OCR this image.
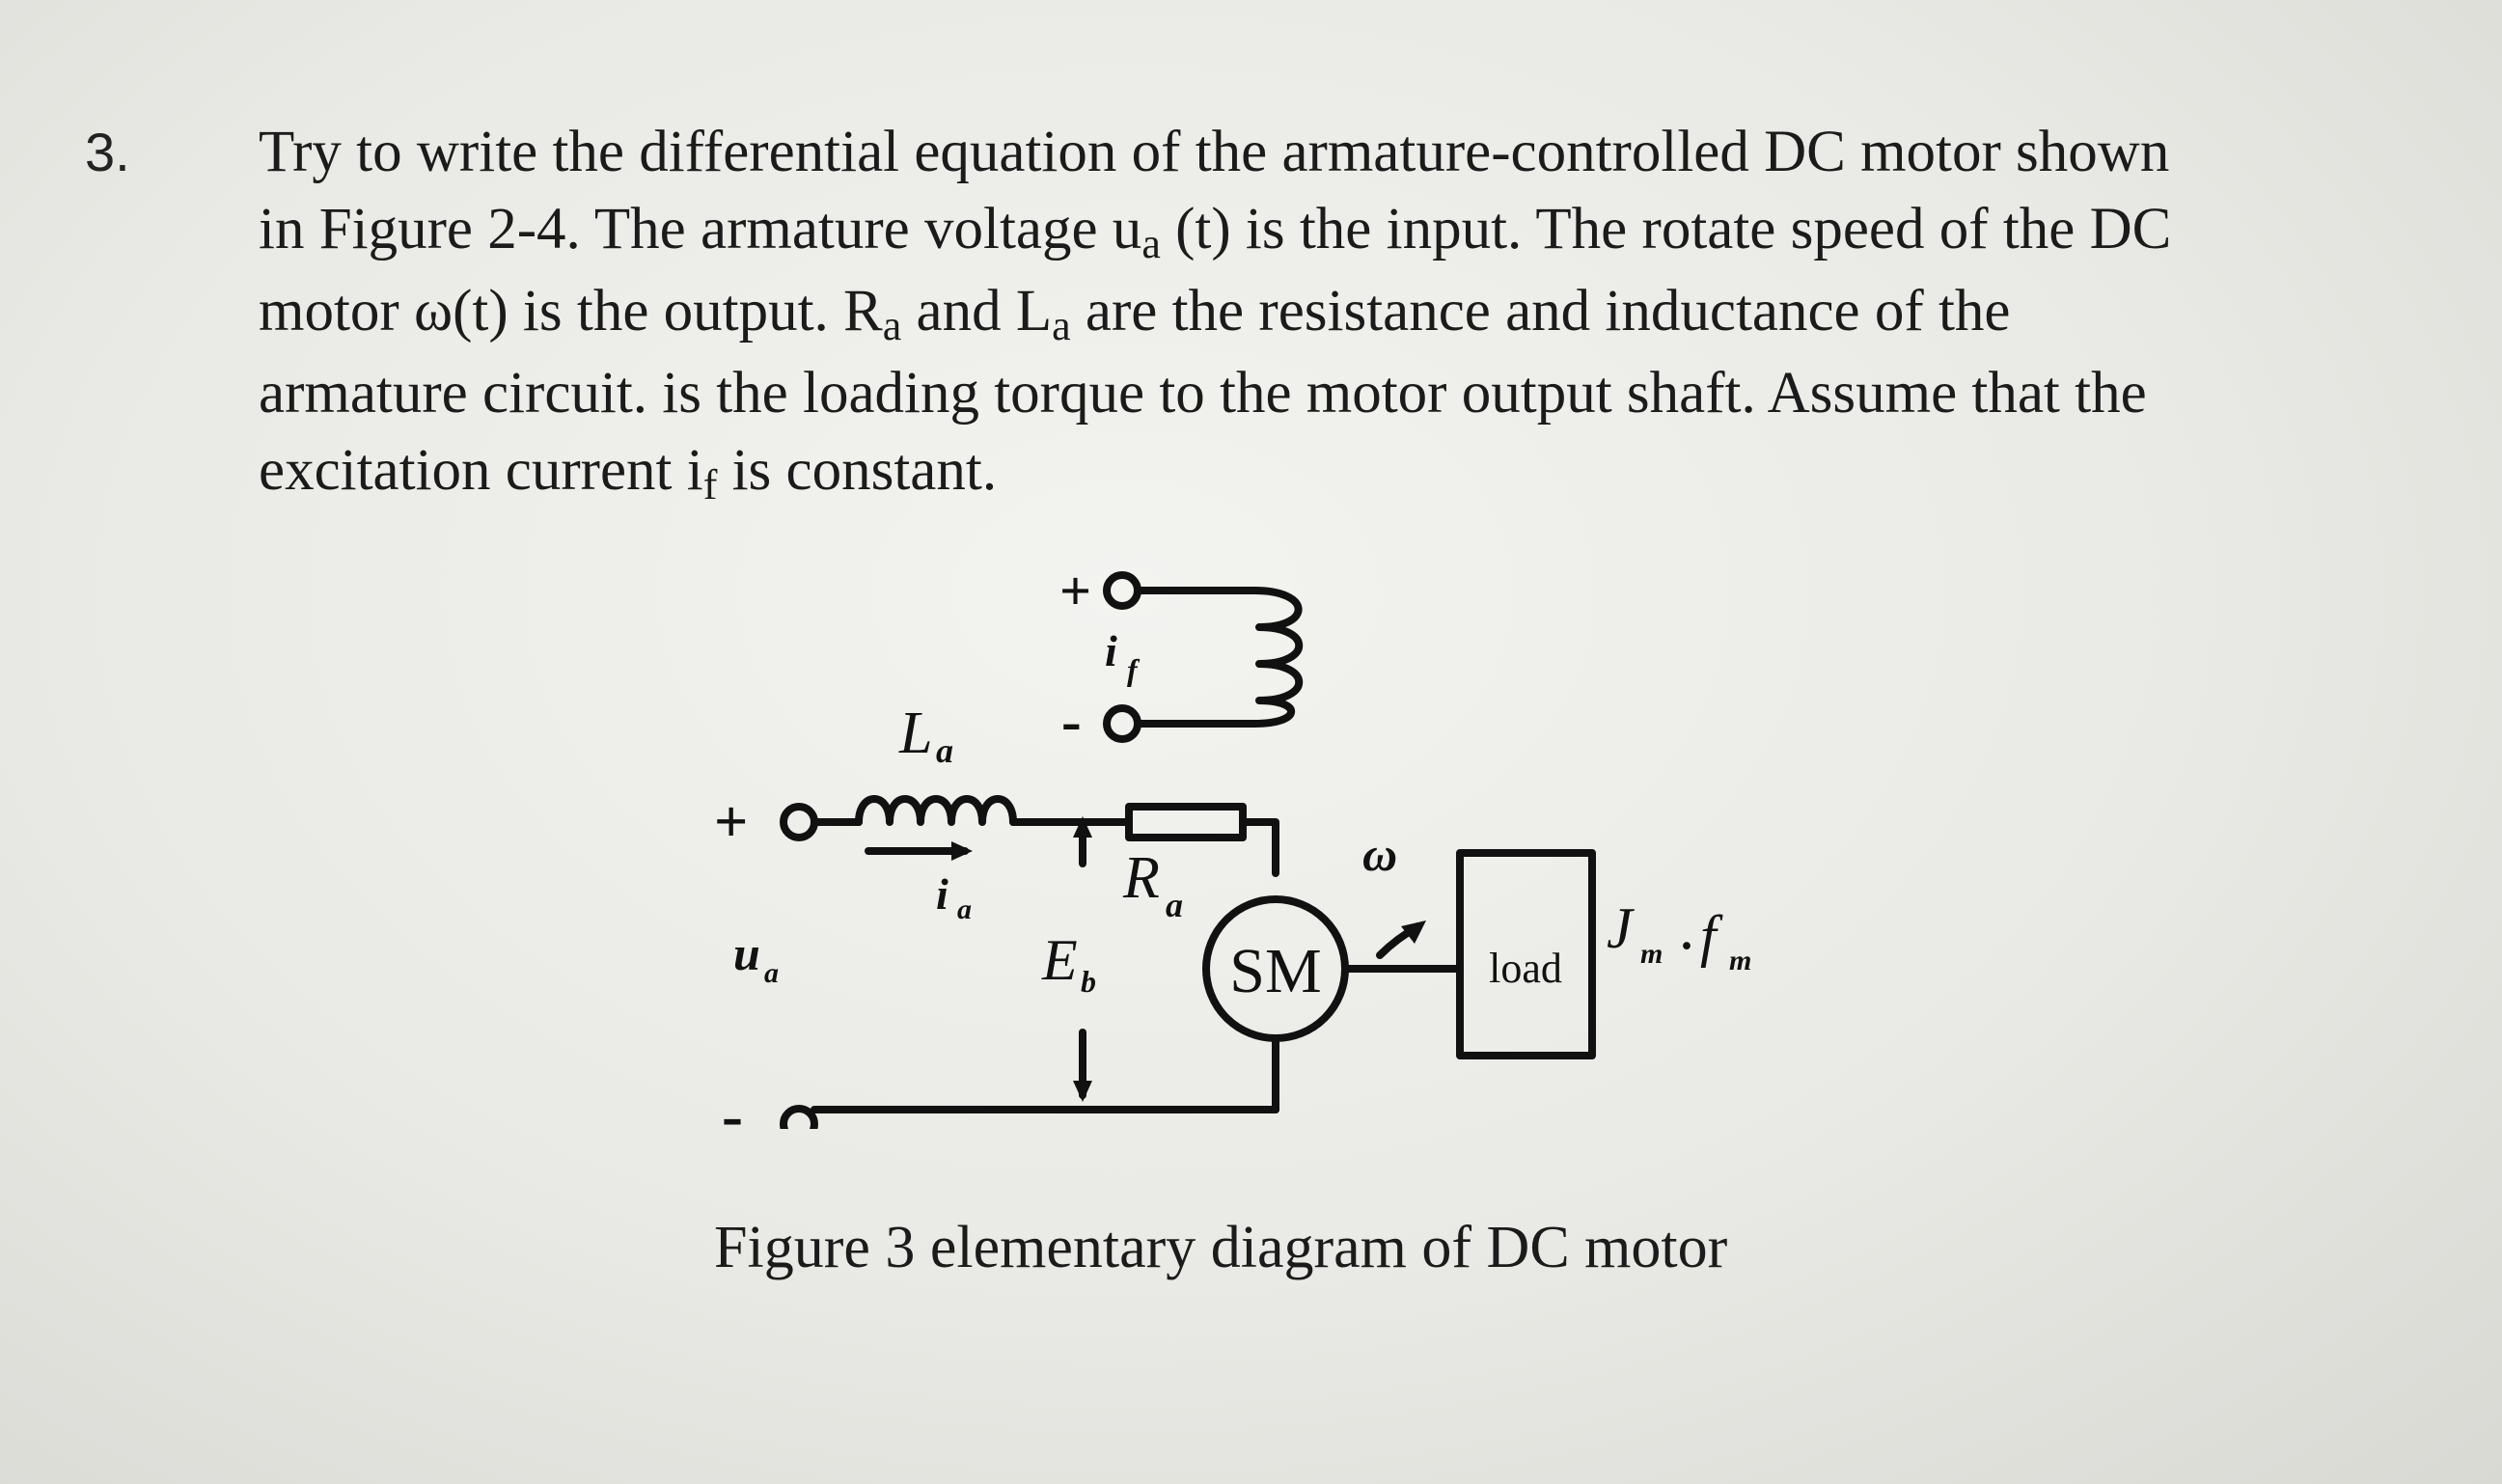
3. Try to write the differential equation of the armature-controlled DC motor shown
in Figure 2-4. The armature voltage ua (t) is the input. The rotate speed of the DC
motor ω(t) is the output. Ra and La are the resistance and inductance of the
armature circuit. is the loading torque to the motor output shaft. Assume that the
excitation current if is constant.
+
-
i f
L a
+
-
i a	R a
u a	E b SM
ω
load
J m · f m
Figure 3 elementary diagram of DC motor
